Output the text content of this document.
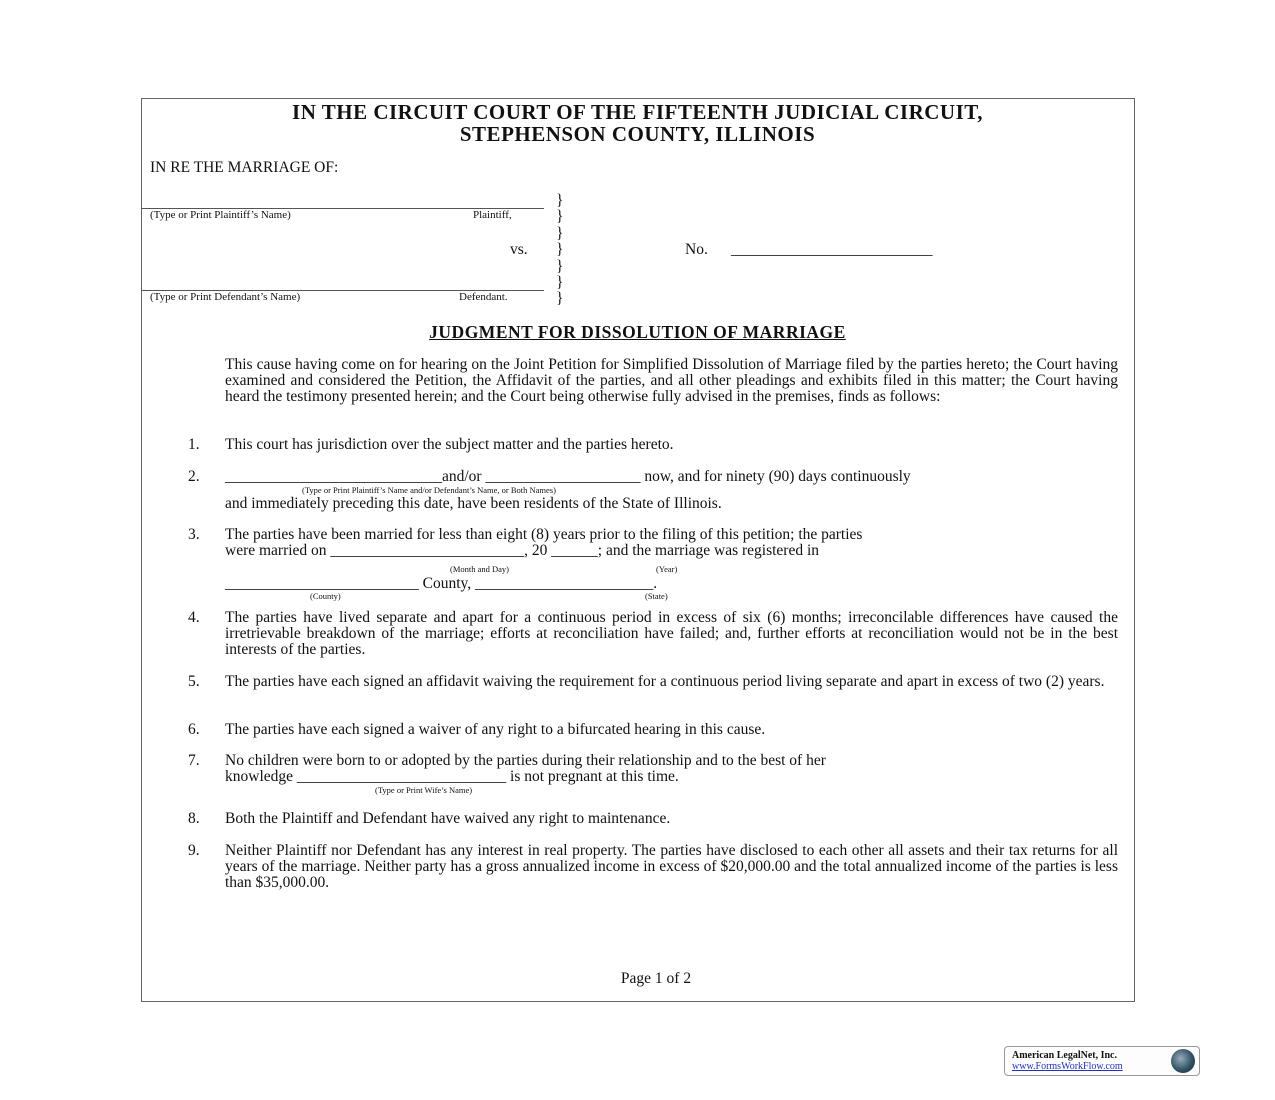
IN THE CIRCUIT COURT OF THE FIFTEENTH JUDICIAL CIRCUIT,
STEPHENSON COUNTY, ILLINOIS
IN RE THE MARRIAGE OF:
(Type or Print Plaintiff’s Name)	Plaintiff,
vs.
(Type or Print Defendant’s Name)	Defendant.
}
}
}
}
}
}
}
No. __________________________
JUDGMENT FOR DISSOLUTION OF MARRIAGE
This cause having come on for hearing on the Joint Petition for Simplified Dissolution of Marriage filed by the parties hereto; the Court having examined and considered the Petition, the Affidavit of the parties, and all other pleadings and exhibits filed in this matter; the Court having heard the testimony presented herein; and the Court being otherwise fully advised in the premises, finds as follows:
1. This court has jurisdiction over the subject matter and the parties hereto.
2. ____________________________and/or ____________________ now, and for ninety (90) days continuously
(Type or Print Plaintiff’s Name and/or Defendant’s Name, or Both Names)
and immediately preceding this date, have been residents of the State of Illinois.
3. The parties have been married for less than eight (8) years prior to the filing of this petition; the parties
were married on _________________________, 20 ______; and the marriage was registered in
(Month and Day)	(Year)
_________________________ County, _______________________.
(County)	(State)
4. The parties have lived separate and apart for a continuous period in excess of six (6) months; irreconcilable differences have caused the irretrievable breakdown of the marriage; efforts at reconciliation have failed; and, further efforts at reconciliation would not be in the best interests of the parties.
5. The parties have each signed an affidavit waiving the requirement for a continuous period living separate and apart in excess of two (2) years.
6. The parties have each signed a waiver of any right to a bifurcated hearing in this cause.
7. No children were born to or adopted by the parties during their relationship and to the best of her
knowledge ___________________________ is not pregnant at this time.
(Type or Print Wife’s Name)
8. Both the Plaintiff and Defendant have waived any right to maintenance.
9. Neither Plaintiff nor Defendant has any interest in real property. The parties have disclosed to each other all assets and their tax returns for all years of the marriage. Neither party has a gross annualized income in excess of $20,000.00 and the total annualized income of the parties is less than $35,000.00.
Page 1 of 2
American LegalNet, Inc.
www.FormsWorkFlow.com
